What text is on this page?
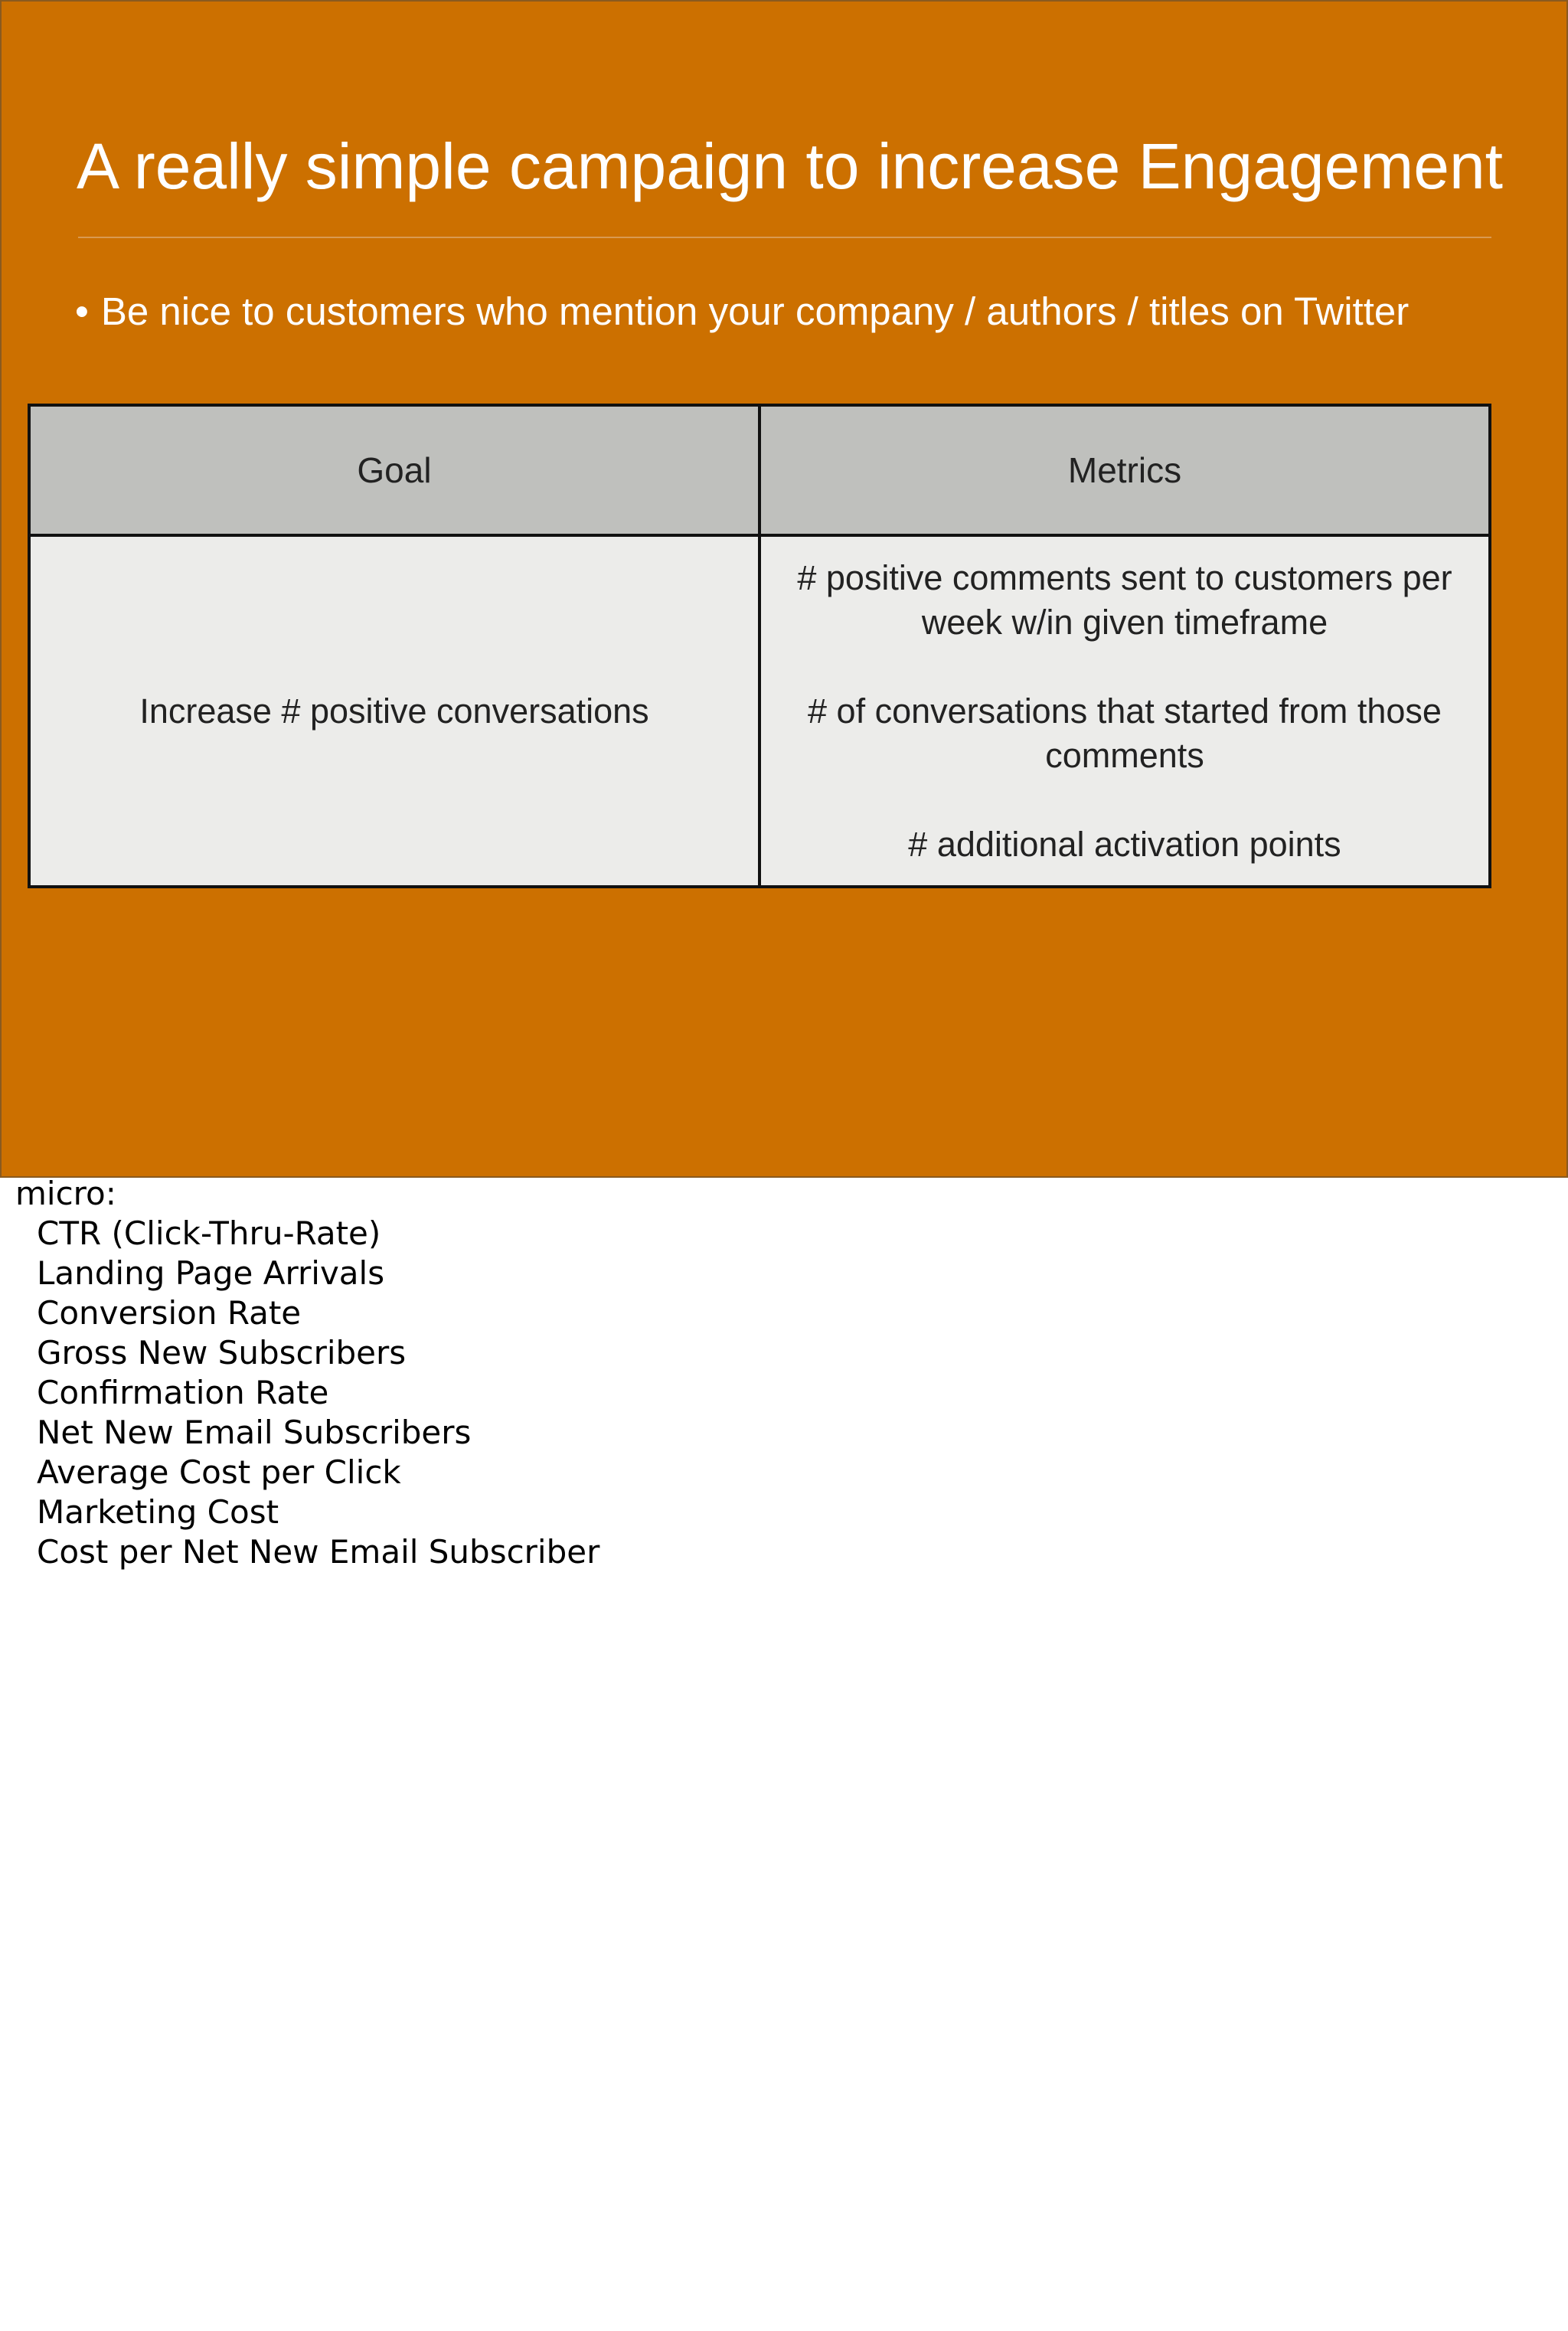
A really simple campaign to increase Engagement
• Be nice to customers who mention your company / authors / titles on Twitter
Goal	Metrics
Increase # positive conversations	# positive comments sent to customers per
week w/in given timeframe
# of conversations that started from those
comments
# additional activation points
micro:
CTR (Click-Thru-Rate)
Landing Page Arrivals
Conversion Rate
Gross New Subscribers
Confirmation Rate
Net New Email Subscribers
Average Cost per Click
Marketing Cost
Cost per Net New Email Subscriber
